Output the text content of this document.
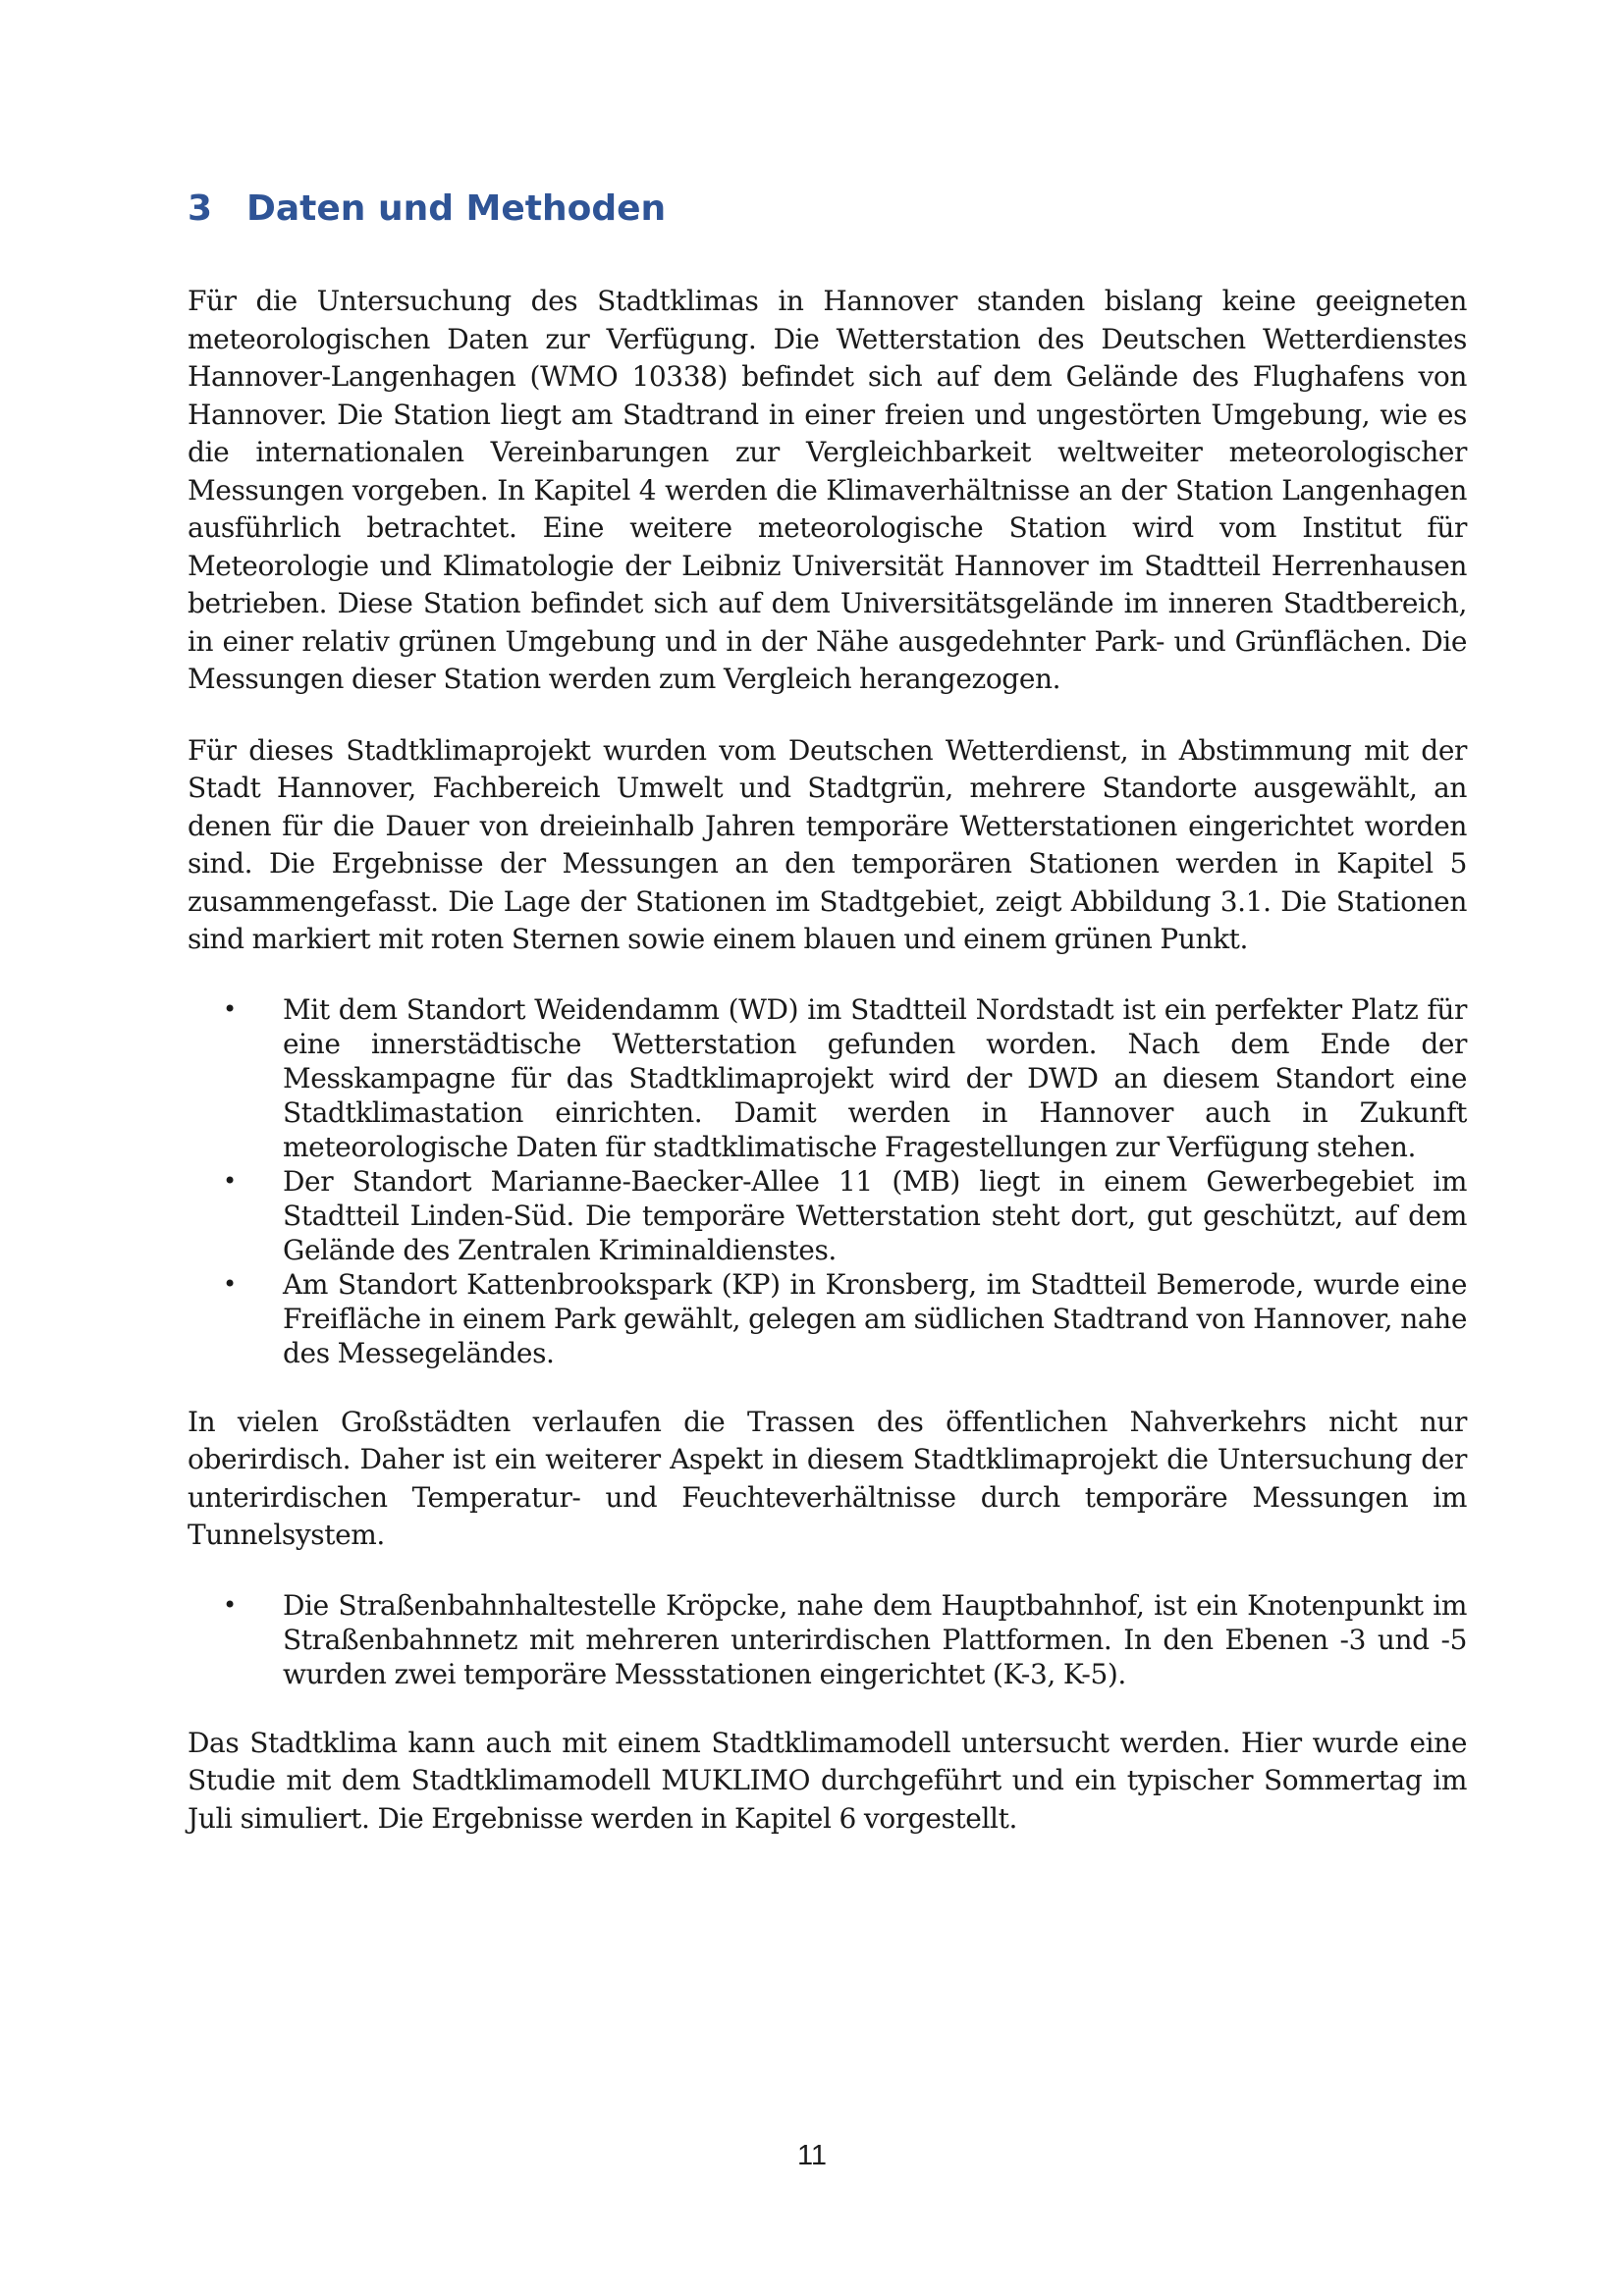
3 Daten und Methoden

Für die Untersuchung des Stadtklimas in Hannover standen bislang keine geeigneten meteorologischen Daten zur Verfügung. Die Wetterstation des Deutschen Wetterdienstes Hannover-Langenhagen (WMO 10338) befindet sich auf dem Gelände des Flughafens von Hannover. Die Station liegt am Stadtrand in einer freien und ungestörten Umgebung, wie es die internationalen Vereinbarungen zur Vergleichbarkeit weltweiter meteorologischer Messungen vorgeben. In Kapitel 4 werden die Klimaverhältnisse an der Station Langenhagen ausführlich betrachtet. Eine weitere meteorologische Station wird vom Institut für Meteorologie und Klimatologie der Leibniz Universität Hannover im Stadtteil Herrenhausen betrieben. Diese Station befindet sich auf dem Universitätsgelände im inneren Stadtbereich, in einer relativ grünen Umgebung und in der Nähe ausgedehnter Park- und Grünflächen. Die Messungen dieser Station werden zum Vergleich herangezogen.

Für dieses Stadtklimaprojekt wurden vom Deutschen Wetterdienst, in Abstimmung mit der Stadt Hannover, Fachbereich Umwelt und Stadtgrün, mehrere Standorte ausgewählt, an denen für die Dauer von dreieinhalb Jahren temporäre Wetterstationen eingerichtet worden sind. Die Ergebnisse der Messungen an den temporären Stationen werden in Kapitel 5 zusammengefasst. Die Lage der Stationen im Stadtgebiet, zeigt Abbildung 3.1. Die Stationen sind markiert mit roten Sternen sowie einem blauen und einem grünen Punkt.

• Mit dem Standort Weidendamm (WD) im Stadtteil Nordstadt ist ein perfekter Platz für eine innerstädtische Wetterstation gefunden worden. Nach dem Ende der Messkampagne für das Stadtklimaprojekt wird der DWD an diesem Standort eine Stadtklimastation einrichten. Damit werden in Hannover auch in Zukunft meteorologische Daten für stadtklimatische Fragestellungen zur Verfügung stehen.
• Der Standort Marianne-Baecker-Allee 11 (MB) liegt in einem Gewerbegebiet im Stadtteil Linden-Süd. Die temporäre Wetterstation steht dort, gut geschützt, auf dem Gelände des Zentralen Kriminaldienstes.
• Am Standort Kattenbrookspark (KP) in Kronsberg, im Stadtteil Bemerode, wurde eine Freifläche in einem Park gewählt, gelegen am südlichen Stadtrand von Hannover, nahe des Messegeländes.

In vielen Großstädten verlaufen die Trassen des öffentlichen Nahverkehrs nicht nur oberirdisch. Daher ist ein weiterer Aspekt in diesem Stadtklimaprojekt die Untersuchung der unterirdischen Temperatur- und Feuchteverhältnisse durch temporäre Messungen im Tunnelsystem.

• Die Straßenbahnhaltestelle Kröpcke, nahe dem Hauptbahnhof, ist ein Knotenpunkt im Straßenbahnnetz mit mehreren unterirdischen Plattformen. In den Ebenen -3 und -5 wurden zwei temporäre Messstationen eingerichtet (K-3, K-5).

Das Stadtklima kann auch mit einem Stadtklimamodell untersucht werden. Hier wurde eine Studie mit dem Stadtklimamodell MUKLIMO durchgeführt und ein typischer Sommertag im Juli simuliert. Die Ergebnisse werden in Kapitel 6 vorgestellt.

11
